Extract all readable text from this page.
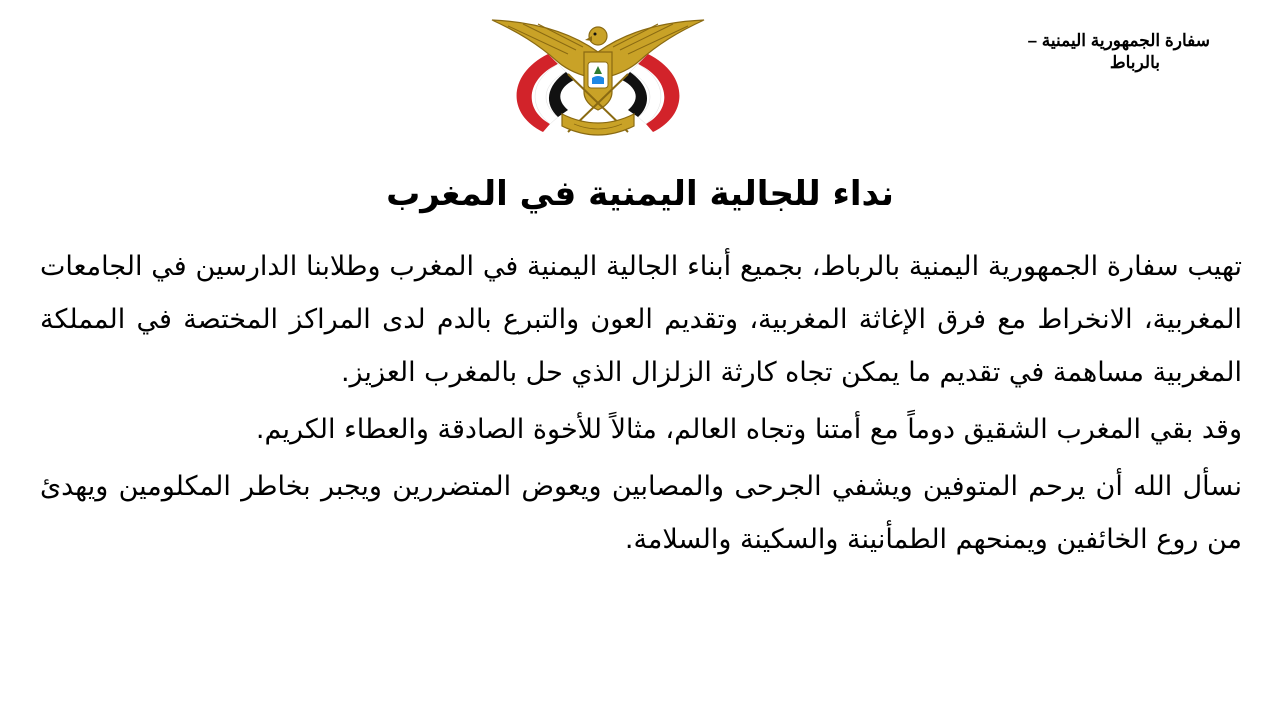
سفارة الجمهورية اليمنية –
بالرباط
نداء للجالية اليمنية في المغرب

تهيب سفارة الجمهورية اليمنية بالرباط، بجميع أبناء الجالية اليمنية في المغرب وطلابنا الدارسين في الجامعات المغربية، الانخراط مع فرق الإغاثة المغربية، وتقديم العون والتبرع بالدم لدى المراكز المختصة في المملكة المغربية مساهمة في تقديم ما يمكن تجاه كارثة الزلزال الذي حل بالمغرب العزيز.

وقد بقي المغرب الشقيق دوماً مع أمتنا وتجاه العالم، مثالاً للأخوة الصادقة والعطاء الكريم.

نسأل الله أن يرحم المتوفين ويشفي الجرحى والمصابين ويعوض المتضررين ويجبر بخاطر المكلومين ويهدئ من روع الخائفين ويمنحهم الطمأنينة والسكينة والسلامة.
